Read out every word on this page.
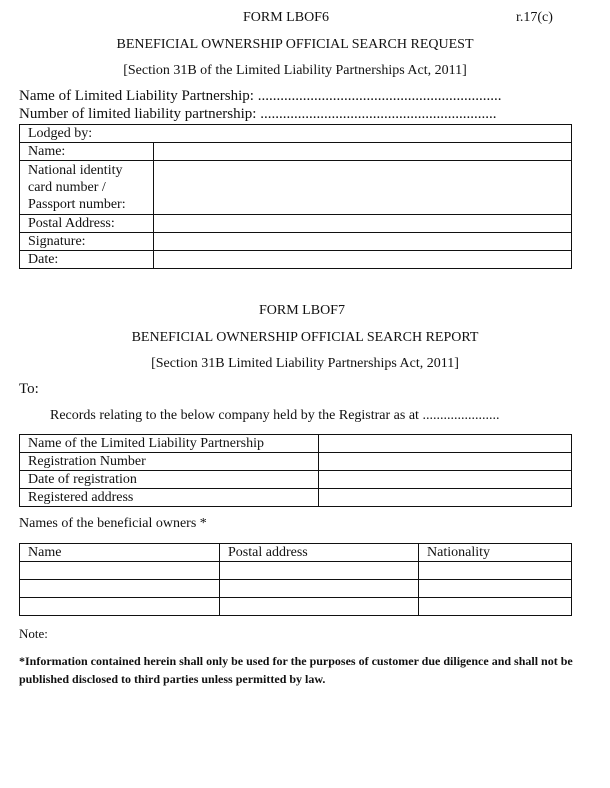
FORM LBOF6	r.17(c)
BENEFICIAL OWNERSHIP OFFICIAL SEARCH REQUEST
[Section 31B of the Limited Liability Partnerships Act, 2011]
Name of Limited Liability Partnership: .................................................................
Number of limited liability partnership: ...............................................................
Lodged by:	
Name:	

National identity
card number /
Passport number:	

Postal Address:	
Signature:	
Date:	
FORM LBOF7
BENEFICIAL OWNERSHIP OFFICIAL SEARCH REPORT
[Section 31B Limited Liability Partnerships Act, 2011]
To:
Records relating to the below company held by the Registrar as at ......................
Name of the Limited Liability Partnership	
Registration Number	
Date of registration	
Registered address	
Names of the beneficial owners *
Name	Postal address	Nationality

Note:
*Information contained herein shall only be used for the purposes of customer due diligence and shall not be published disclosed to third parties unless permitted by law.
